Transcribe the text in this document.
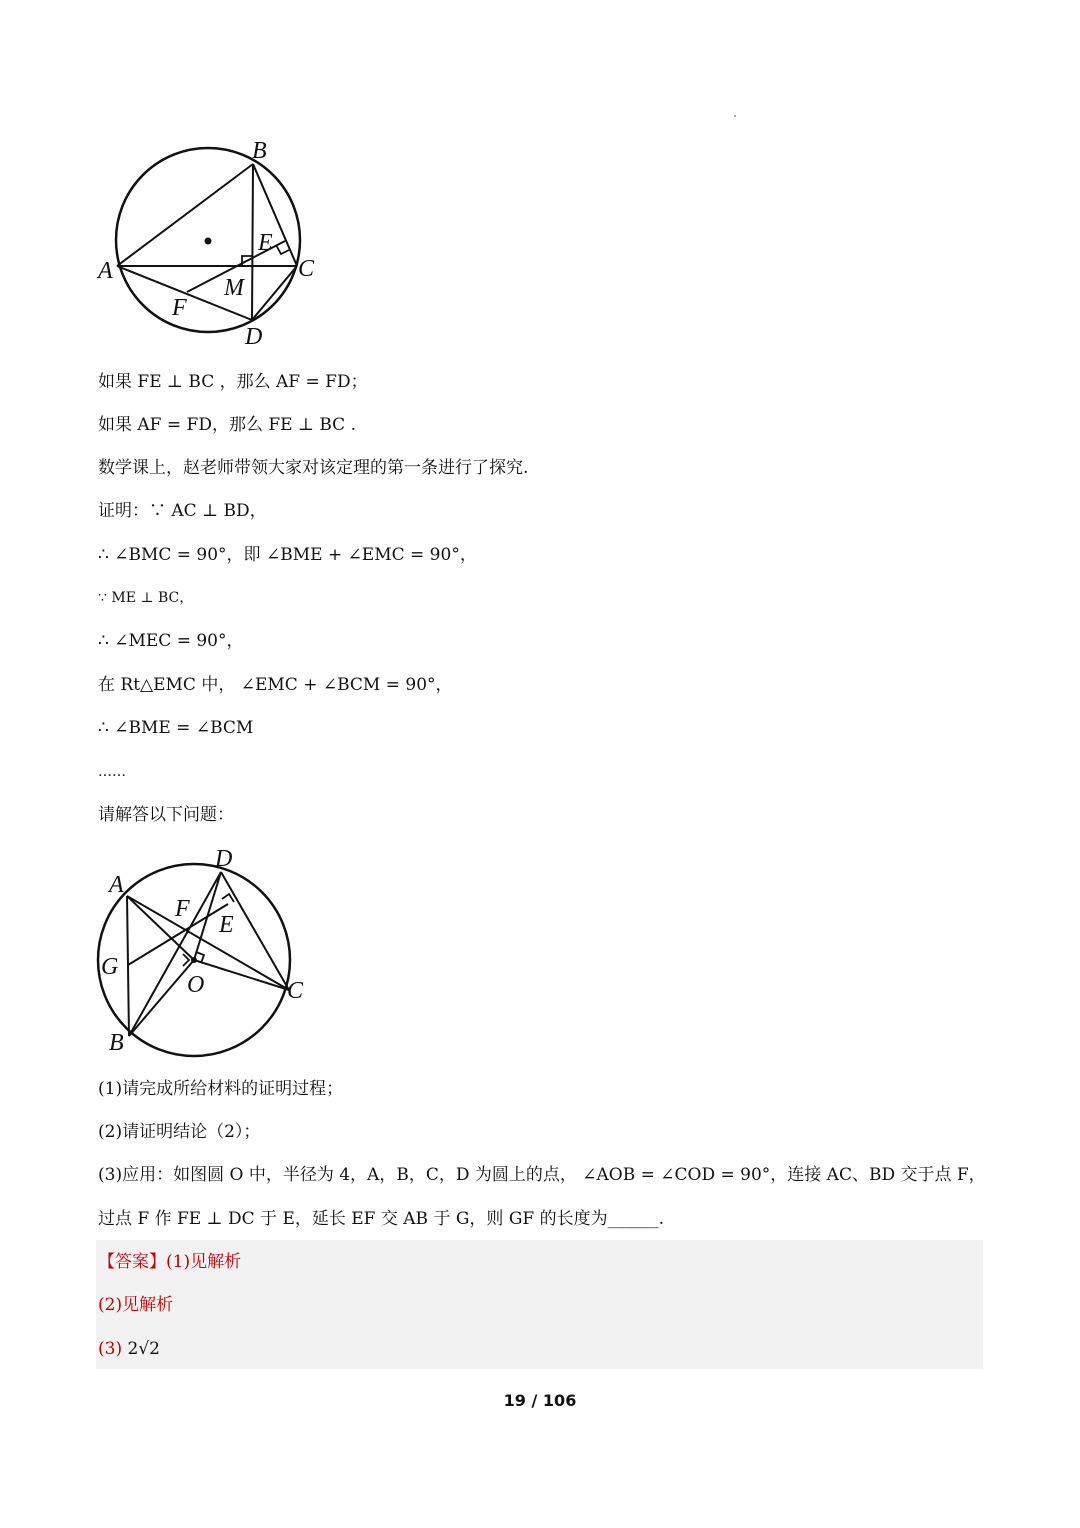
B
A	C
D
E
F
M
如果 FE ⊥ BC ，那么 AF = FD；
如果 AF = FD，那么 FE ⊥ BC .
数学课上，赵老师带领大家对该定理的第一条进行了探究.
证明：∵ AC ⊥ BD，
∴ ∠BMC = 90°，即 ∠BME + ∠EMC = 90°，
∵ ME ⊥ BC，
∴ ∠MEC = 90°，
在 Rt△EMC 中， ∠EMC + ∠BCM = 90°，
∴ ∠BME = ∠BCM
……
请解答以下问题：
D
A
F
E
G
O	C
B
(1)请完成所给材料的证明过程；
(2)请证明结论（2）；
(3)应用：如图圆 O 中，半径为 4，A，B，C，D 为圆上的点， ∠AOB = ∠COD = 90°，连接 AC、BD 交于点 F，
过点 F 作 FE ⊥ DC 于 E，延长 EF 交 AB 于 G，则 GF 的长度为______.
【答案】(1)见解析
(2)见解析
(3) 2√2
19 / 106
